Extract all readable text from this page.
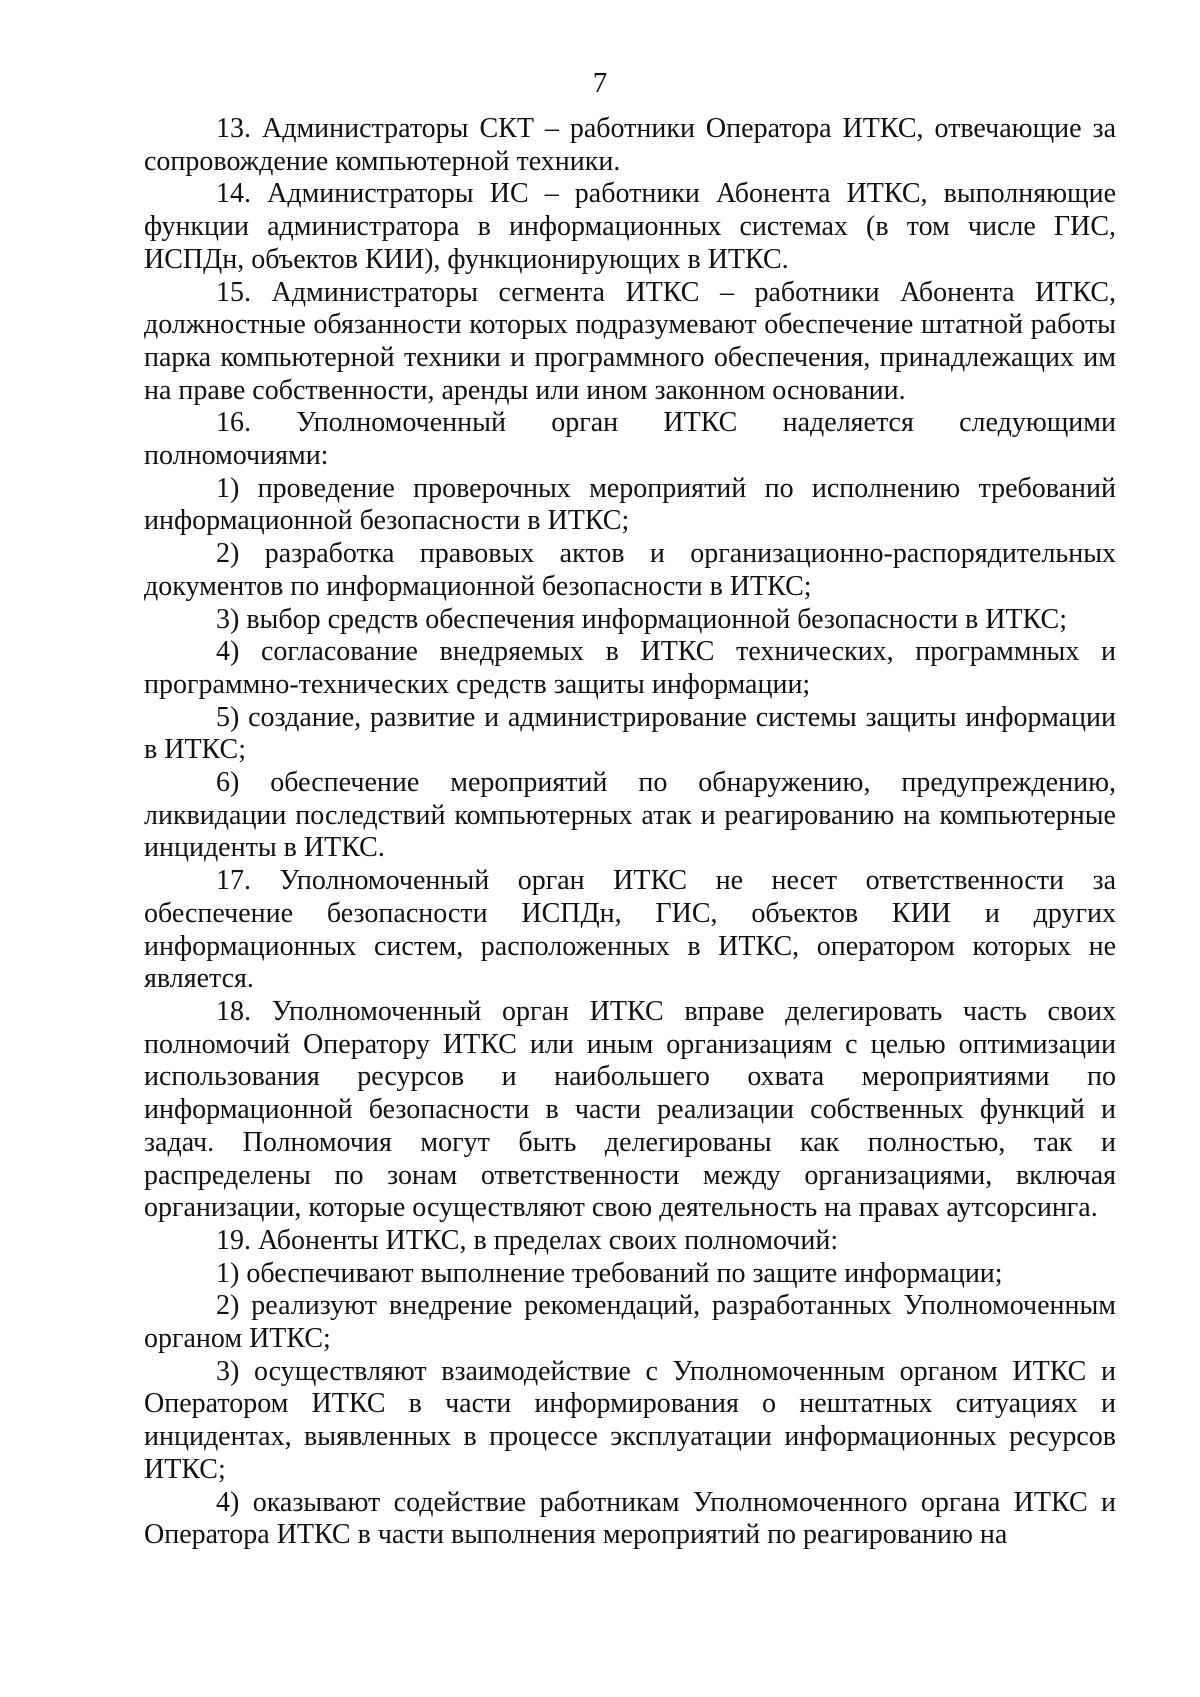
7

13. Администраторы СКТ – работники Оператора ИТКС, отвечающие за сопровождение компьютерной техники.

14. Администраторы ИС – работники Абонента ИТКС, выполняющие функции администратора в информационных системах (в том числе ГИС, ИСПДн, объектов КИИ), функционирующих в ИТКС.

15. Администраторы сегмента ИТКС – работники Абонента ИТКС, должностные обязанности которых подразумевают обеспечение штатной работы парка компьютерной техники и программного обеспечения, принадлежащих им на праве собственности, аренды или ином законном основании.

16. Уполномоченный орган ИТКС наделяется следующими полномочиями:

1) проведение проверочных мероприятий по исполнению требований информационной безопасности в ИТКС;

2) разработка правовых актов и организационно-распорядительных документов по информационной безопасности в ИТКС;

3) выбор средств обеспечения информационной безопасности в ИТКС;

4) согласование внедряемых в ИТКС технических, программных и программно-технических средств защиты информации;

5) создание, развитие и администрирование системы защиты информации в ИТКС;

6) обеспечение мероприятий по обнаружению, предупреждению, ликвидации последствий компьютерных атак и реагированию на компьютерные инциденты в ИТКС.

17. Уполномоченный орган ИТКС не несет ответственности за обеспечение безопасности ИСПДн, ГИС, объектов КИИ и других информационных систем, расположенных в ИТКС, оператором которых не является.

18. Уполномоченный орган ИТКС вправе делегировать часть своих полномочий Оператору ИТКС или иным организациям с целью оптимизации использования ресурсов и наибольшего охвата мероприятиями по информационной безопасности в части реализации собственных функций и задач. Полномочия могут быть делегированы как полностью, так и распределены по зонам ответственности между организациями, включая организации, которые осуществляют свою деятельность на правах аутсорсинга.

19. Абоненты ИТКС, в пределах своих полномочий:

1) обеспечивают выполнение требований по защите информации;

2) реализуют внедрение рекомендаций, разработанных Уполномоченным органом ИТКС;

3) осуществляют взаимодействие с Уполномоченным органом ИТКС и Оператором ИТКС в части информирования о нештатных ситуациях и инцидентах, выявленных в процессе эксплуатации информационных ресурсов ИТКС;

4) оказывают содействие работникам Уполномоченного органа ИТКС и Оператора ИТКС в части выполнения мероприятий по реагированию на
